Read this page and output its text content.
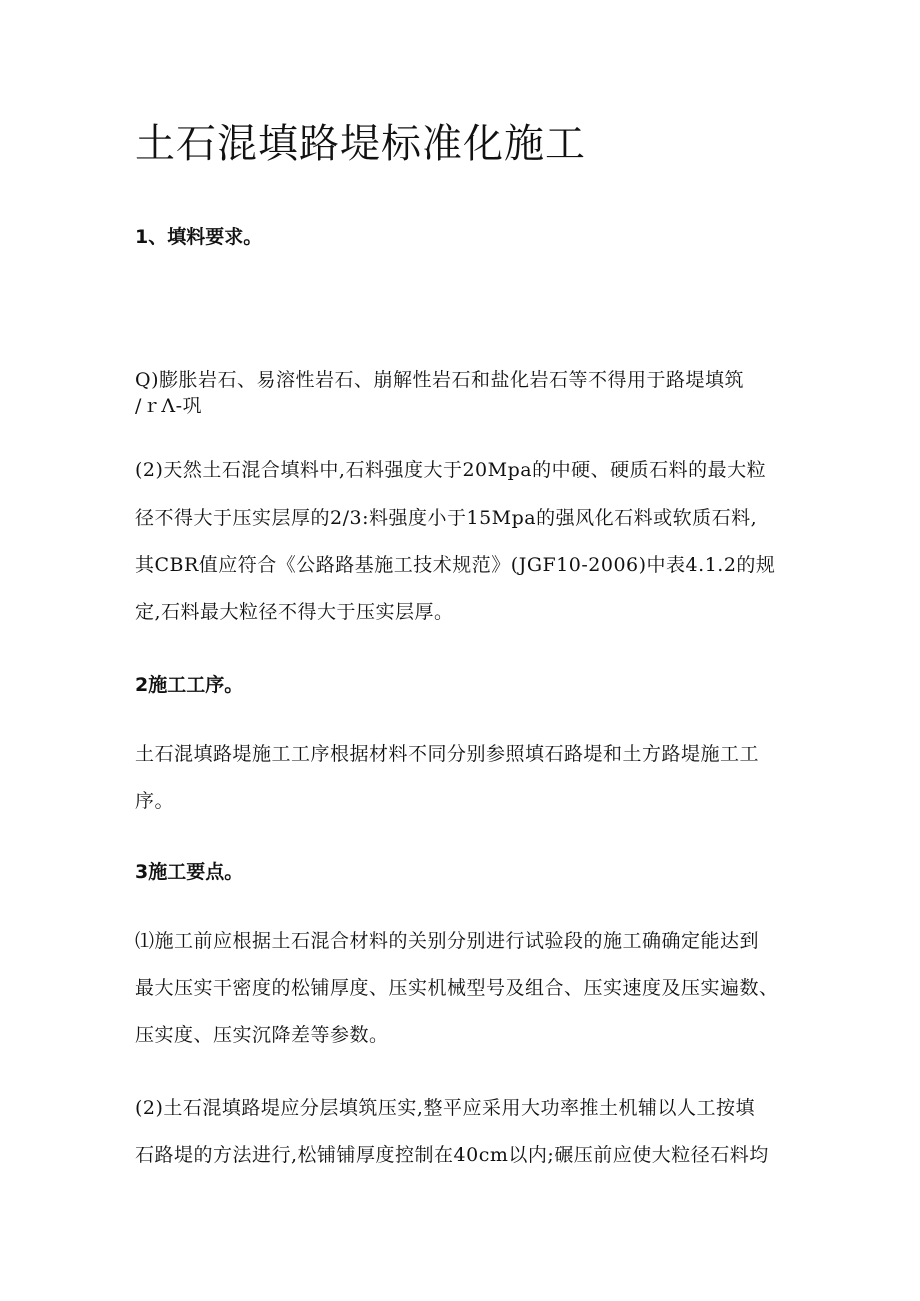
土石混填路堤标准化施工
1、填料要求。
Q)膨胀岩石、易溶性岩石、崩解性岩石和盐化岩石等不得用于路堤填筑
/ｒΛ-巩
(2)天然土石混合填料中,石料强度大于20Mpa的中硬、硬质石料的最大粒
径不得大于压实层厚的2/3:料强度小于15Mpa的强风化石料或软质石料,
其CBR值应符合《公路路基施工技术规范》(JGF10-2006)中表4.1.2的规
定,石料最大粒径不得大于压实层厚。
2施工工序。
土石混填路堤施工工序根据材料不同分别参照填石路堤和土方路堤施工工
序。
3施工要点。
⑴施工前应根据土石混合材料的关别分别进行试验段的施工确确定能达到
最大压实干密度的松铺厚度、压实机械型号及组合、压实速度及压实遍数、
压实度、压实沉降差等参数。
(2)土石混填路堤应分层填筑压实,整平应采用大功率推土机辅以人工按填
石路堤的方法进行,松铺铺厚度控制在40cm以内;碾压前应使大粒径石料均
